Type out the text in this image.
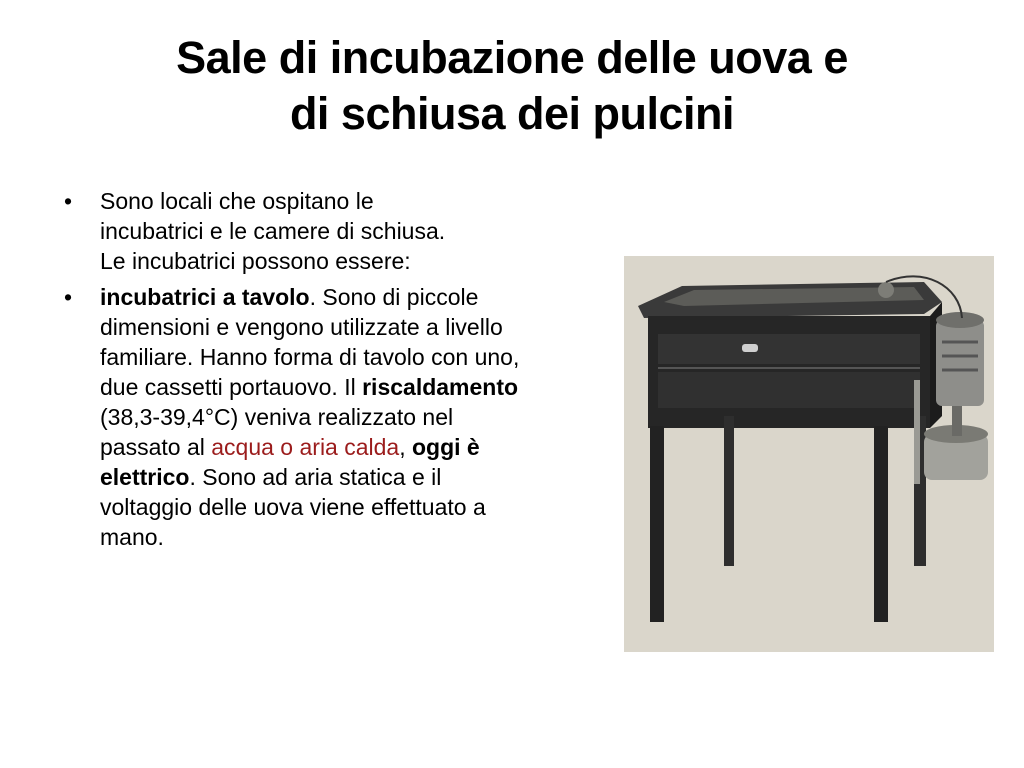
Sale di incubazione delle uova e
di schiusa dei pulcini
• Sono locali che ospitano le
incubatrici e le camere di schiusa.
Le incubatrici possono essere:
• incubatrici a tavolo. Sono di piccole dimensioni e vengono utilizzate a livello familiare. Hanno forma di tavolo con uno, due cassetti portauovo. Il riscaldamento (38,3-39,4°C) veniva realizzato nel passato al acqua o aria calda, oggi è elettrico. Sono ad aria statica e il voltaggio delle uova viene effettuato a mano.
